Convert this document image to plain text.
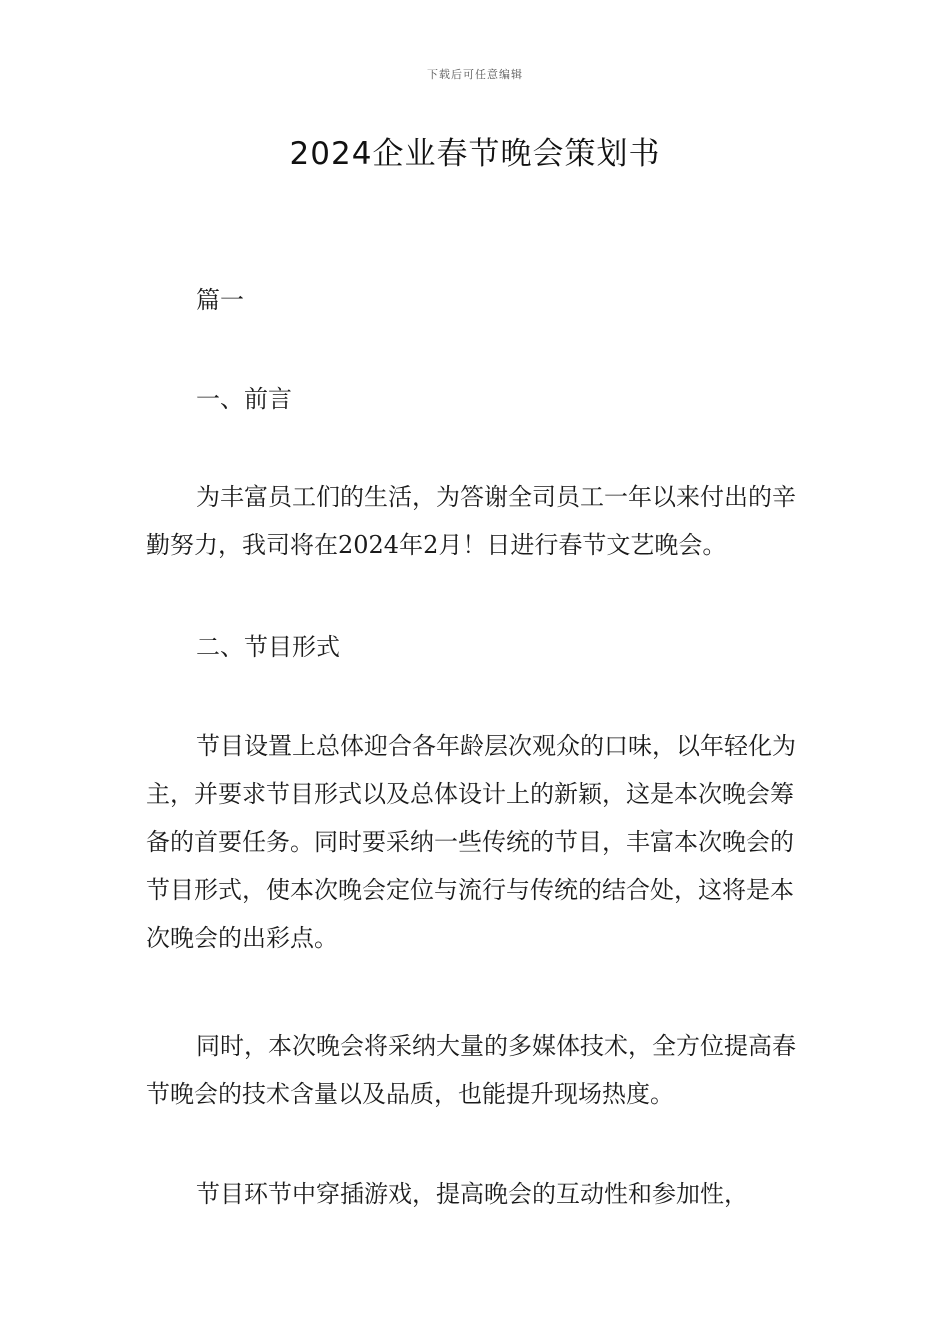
下载后可任意编辑
2024企业春节晚会策划书

篇一

一、前言

为丰富员工们的生活，为答谢全司员工一年以来付出的辛勤努力，我司将在2024年2月！日进行春节文艺晚会。

二、节目形式

节目设置上总体迎合各年龄层次观众的口味，以年轻化为主，并要求节目形式以及总体设计上的新颖，这是本次晚会筹备的首要任务。同时要采纳一些传统的节目，丰富本次晚会的节目形式，使本次晚会定位与流行与传统的结合处，这将是本次晚会的出彩点。

同时，本次晚会将采纳大量的多媒体技术，全方位提高春节晚会的技术含量以及品质，也能提升现场热度。

节目环节中穿插游戏，提高晚会的互动性和参加性，
